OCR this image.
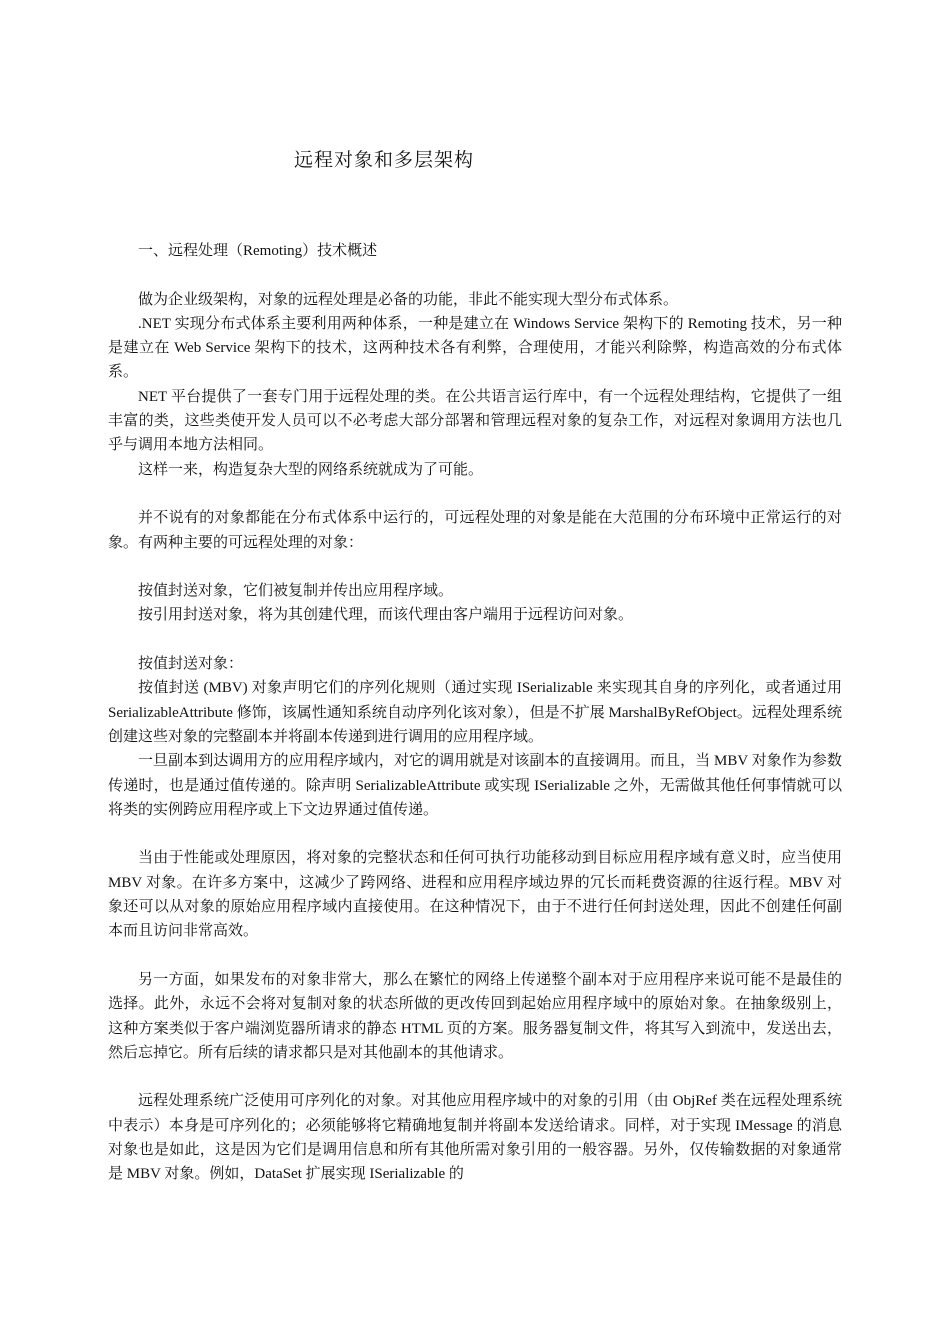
远程对象和多层架构

一、远程处理（Remoting）技术概述

做为企业级架构，对象的远程处理是必备的功能，非此不能实现大型分布式体系。

.NET 实现分布式体系主要利用两种体系，一种是建立在 Windows Service 架构下的 Remoting 技术，另一种是建立在 Web Service 架构下的技术，这两种技术各有利弊，合理使用，才能兴利除弊，构造高效的分布式体系。

NET 平台提供了一套专门用于远程处理的类。在公共语言运行库中，有一个远程处理结构，它提供了一组丰富的类，这些类使开发人员可以不必考虑大部分部署和管理远程对象的复杂工作，对远程对象调用方法也几乎与调用本地方法相同。

这样一来，构造复杂大型的网络系统就成为了可能。

并不说有的对象都能在分布式体系中运行的，可远程处理的对象是能在大范围的分布环境中正常运行的对象。有两种主要的可远程处理的对象：

按值封送对象，它们被复制并传出应用程序域。

按引用封送对象，将为其创建代理，而该代理由客户端用于远程访问对象。

按值封送对象：

按值封送 (MBV) 对象声明它们的序列化规则（通过实现 ISerializable 来实现其自身的序列化，或者通过用 SerializableAttribute 修饰，该属性通知系统自动序列化该对象），但是不扩展 MarshalByRefObject。远程处理系统创建这些对象的完整副本并将副本传递到进行调用的应用程序域。

一旦副本到达调用方的应用程序域内，对它的调用就是对该副本的直接调用。而且，当 MBV 对象作为参数传递时，也是通过值传递的。除声明 SerializableAttribute 或实现 ISerializable 之外，无需做其他任何事情就可以将类的实例跨应用程序或上下文边界通过值传递。

当由于性能或处理原因，将对象的完整状态和任何可执行功能移动到目标应用程序域有意义时，应当使用 MBV 对象。在许多方案中，这减少了跨网络、进程和应用程序域边界的冗长而耗费资源的往返行程。MBV 对象还可以从对象的原始应用程序域内直接使用。在这种情况下，由于不进行任何封送处理，因此不创建任何副本而且访问非常高效。

另一方面，如果发布的对象非常大，那么在繁忙的网络上传递整个副本对于应用程序来说可能不是最佳的选择。此外，永远不会将对复制对象的状态所做的更改传回到起始应用程序域中的原始对象。在抽象级别上，这种方案类似于客户端浏览器所请求的静态 HTML 页的方案。服务器复制文件，将其写入到流中，发送出去，然后忘掉它。所有后续的请求都只是对其他副本的其他请求。

远程处理系统广泛使用可序列化的对象。对其他应用程序域中的对象的引用（由 ObjRef 类在远程处理系统中表示）本身是可序列化的；必须能够将它精确地复制并将副本发送给请求。同样，对于实现 IMessage 的消息对象也是如此，这是因为它们是调用信息和所有其他所需对象引用的一般容器。另外，仅传输数据的对象通常是 MBV 对象。例如，DataSet 扩展实现 ISerializable 的
